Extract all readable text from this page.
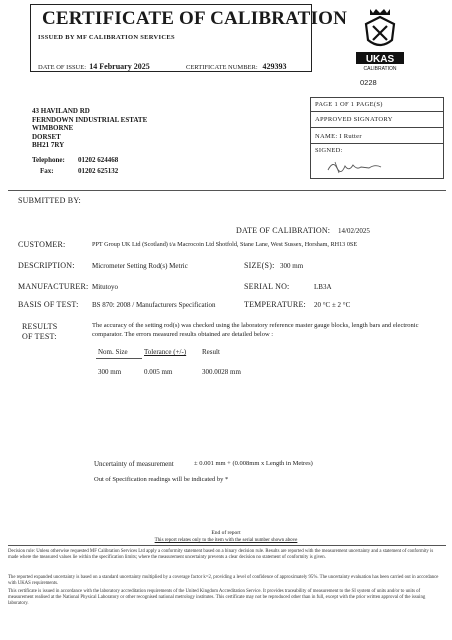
CERTIFICATE OF CALIBRATION
ISSUED BY MF CALIBRATION SERVICES
DATE OF ISSUE: 14 February 2025	CERTIFICATE NUMBER: 429393
UKAS
CALIBRATION
0228
43 HAVILAND RD
FERNDOWN INDUSTRIAL ESTATE
WIMBORNE
DORSET
BH21 7RY
Telephone: 01202 624468
Fax:	01202 625132
PAGE 1 OF 1 PAGE(S)
APPROVED SIGNATORY
NAME: I Rutter
SIGNED:
SUBMITTED BY:
DATE OF CALIBRATION: 14/02/2025
CUSTOMER:	PPT Group UK Ltd (Scotland) t/a Macrocoin Ltd Shotfold, Stane Lane, West Sussex, Horsham, RH13 0SE
DESCRIPTION: Micrometer Setting Rod(s) Metric	SIZE(S): 300 mm
MANUFACTURER: Mitutoyo	SERIAL NO:	LB3A
BASIS OF TEST: BS 870: 2008 / Manufacturers Specification	TEMPERATURE: 20 °C ± 2 °C
RESULTS
OF TEST:
The accuracy of the setting rod(s) was checked using the laboratory reference master gauge blocks, length bars and electronic comparator. The errors measured results obtained are detailed below :
Nom. Size Tolerance (+/-) Result
300 mm	0.005 mm	300.0028 mm
Uncertainty of measurement	± 0.001 mm + (0.008mm x Length in Metres)
Out of Specification readings will be indicated by *
End of report
This report relates only to the item with the serial number shown above
Decision rule: Unless otherwise requested MF Calibration Services Ltd apply a conformity statement based on a binary decision rule. Results are reported with the measurement uncertainty and a statement of conformity is made where the measured values lie within the specification limits; where the measurement uncertainty prevents a clear decision no statement of conformity is given.
The reported expanded uncertainty is based on a standard uncertainty multiplied by a coverage factor k=2, providing a level of confidence of approximately 95%. The uncertainty evaluation has been carried out in accordance with UKAS requirements.
This certificate is issued in accordance with the laboratory accreditation requirements of the United Kingdom Accreditation Service. It provides traceability of measurement to the SI system of units and/or to units of measurement realised at the National Physical Laboratory or other recognised national metrology institutes. This certificate may not be reproduced other than in full, except with the prior written approval of the issuing laboratory.
